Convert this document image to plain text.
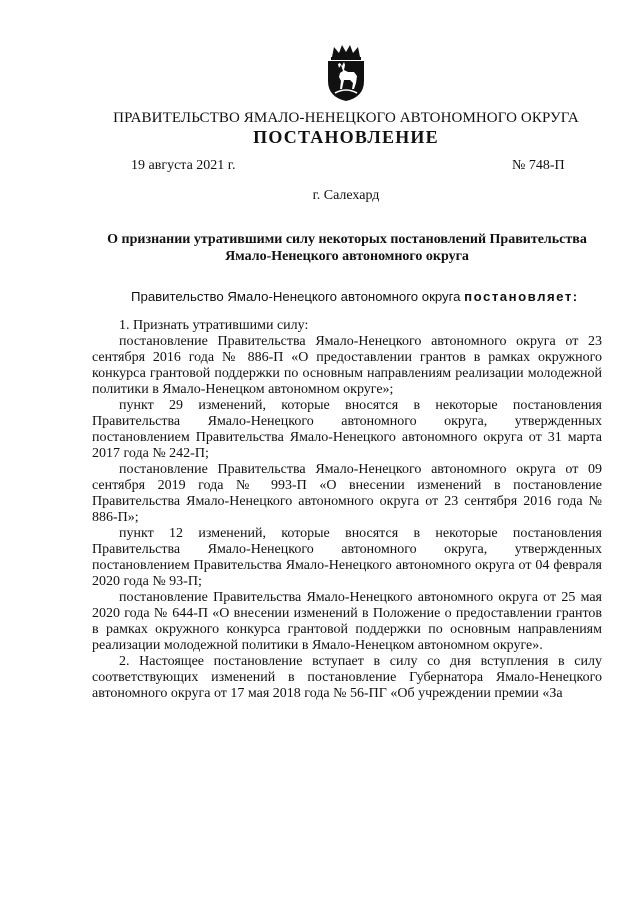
ПРАВИТЕЛЬСТВО ЯМАЛО-НЕНЕЦКОГО АВТОНОМНОГО ОКРУГА
ПОСТАНОВЛЕНИЕ
19 августа 2021 г.	№ 748-П
г. Салехард
О признании утратившими силу некоторых постановлений Правительства Ямало-Ненецкого автономного округа
Правительство Ямало-Ненецкого автономного округа постановляет:

1. Признать утратившими силу:

постановление Правительства Ямало-Ненецкого автономного округа от 23 сентября 2016 года № 886-П «О предоставлении грантов в рамках окружного конкурса грантовой поддержки по основным направлениям реализации молодежной политики в Ямало-Ненецком автономном округе»;

пункт 29 изменений, которые вносятся в некоторые постановления Правительства Ямало-Ненецкого автономного округа, утвержденных постановлением Правительства Ямало-Ненецкого автономного округа от 31 марта 2017 года № 242-П;

постановление Правительства Ямало-Ненецкого автономного округа от 09 сентября 2019 года № 993-П «О внесении изменений в постановление Правительства Ямало-Ненецкого автономного округа от 23 сентября 2016 года № 886-П»;

пункт 12 изменений, которые вносятся в некоторые постановления Правительства Ямало-Ненецкого автономного округа, утвержденных постановлением Правительства Ямало-Ненецкого автономного округа от 04 февраля 2020 года № 93-П;

постановление Правительства Ямало-Ненецкого автономного округа от 25 мая 2020 года № 644-П «О внесении изменений в Положение о предоставлении грантов в рамках окружного конкурса грантовой поддержки по основным направлениям реализации молодежной политики в Ямало-Ненецком автономном округе».

2. Настоящее постановление вступает в силу со дня вступления в силу соответствующих изменений в постановление Губернатора Ямало-Ненецкого автономного округа от 17 мая 2018 года № 56-ПГ «Об учреждении премии «За
